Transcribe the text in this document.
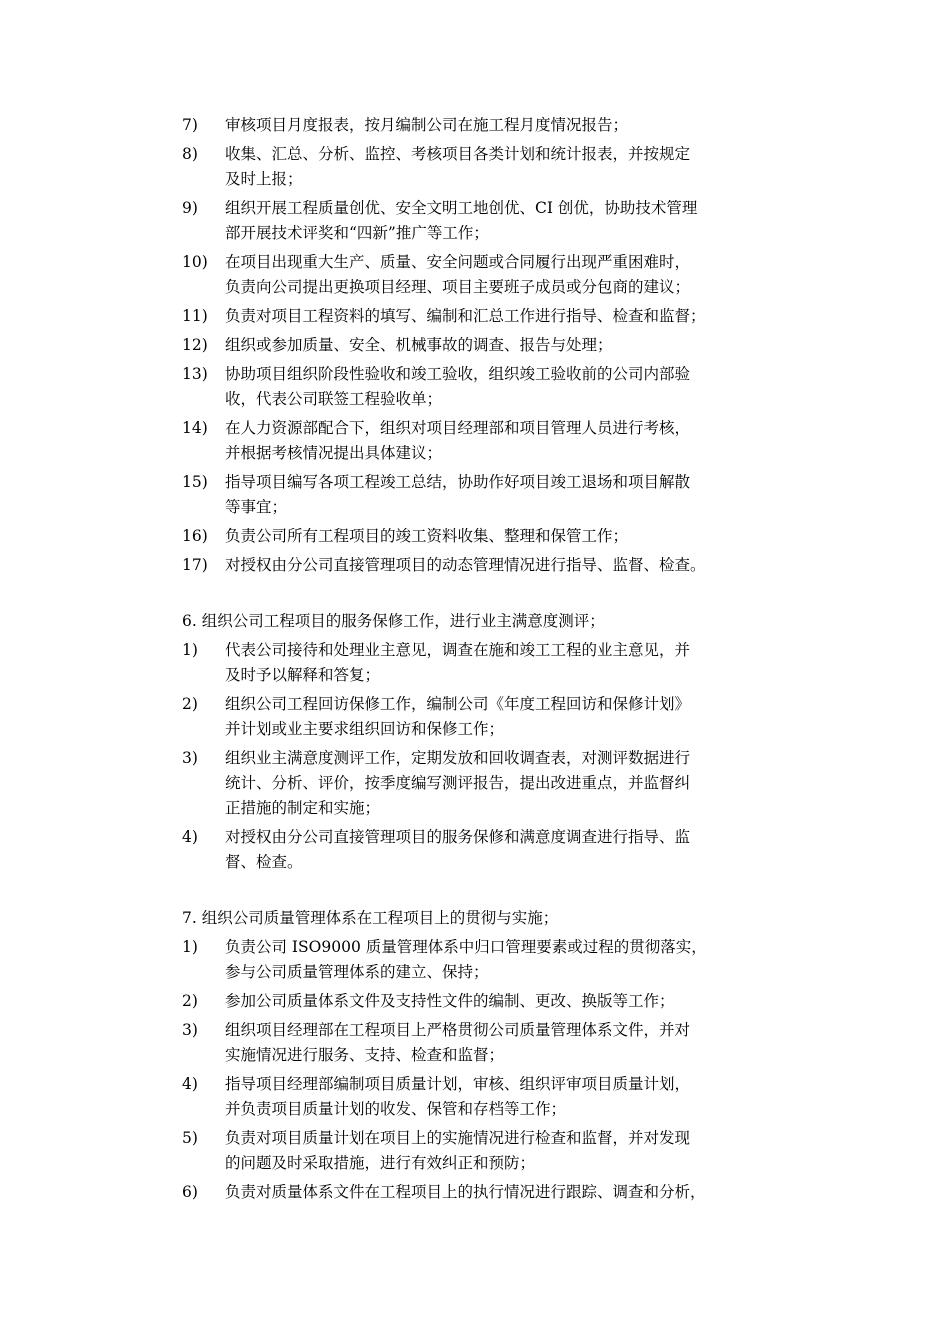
7)	审核项目月度报表，按月编制公司在施工程月度情况报告；
8)	收集、汇总、分析、监控、考核项目各类计划和统计报表，并按规定
及时上报；
9)	组织开展工程质量创优、安全文明工地创优、CI 创优，协助技术管理
部开展技术评奖和“四新”推广等工作；
10)	在项目出现重大生产、质量、安全问题或合同履行出现严重困难时，
负责向公司提出更换项目经理、项目主要班子成员或分包商的建议；
11)	负责对项目工程资料的填写、编制和汇总工作进行指导、检查和监督；
12)	组织或参加质量、安全、机械事故的调查、报告与处理；
13)	协助项目组织阶段性验收和竣工验收，组织竣工验收前的公司内部验
收，代表公司联签工程验收单；
14)	在人力资源部配合下，组织对项目经理部和项目管理人员进行考核，
并根据考核情况提出具体建议；
15)	指导项目编写各项工程竣工总结，协助作好项目竣工退场和项目解散
等事宜；
16)	负责公司所有工程项目的竣工资料收集、整理和保管工作；
17)	对授权由分公司直接管理项目的动态管理情况进行指导、监督、检查。
6. 组织公司工程项目的服务保修工作，进行业主满意度测评；
1)	代表公司接待和处理业主意见，调查在施和竣工工程的业主意见，并
及时予以解释和答复；
2)	组织公司工程回访保修工作，编制公司《年度工程回访和保修计划》
并计划或业主要求组织回访和保修工作；
3)	组织业主满意度测评工作，定期发放和回收调查表，对测评数据进行
统计、分析、评价，按季度编写测评报告，提出改进重点，并监督纠
正措施的制定和实施；
4)	对授权由分公司直接管理项目的服务保修和满意度调查进行指导、监
督、检查。
7. 组织公司质量管理体系在工程项目上的贯彻与实施；
1)	负责公司 ISO9000 质量管理体系中归口管理要素或过程的贯彻落实，
参与公司质量管理体系的建立、保持；
2)	参加公司质量体系文件及支持性文件的编制、更改、换版等工作；
3)	组织项目经理部在工程项目上严格贯彻公司质量管理体系文件，并对
实施情况进行服务、支持、检查和监督；
4)	指导项目经理部编制项目质量计划，审核、组织评审项目质量计划，
并负责项目质量计划的收发、保管和存档等工作；
5)	负责对项目质量计划在项目上的实施情况进行检查和监督，并对发现
的问题及时采取措施，进行有效纠正和预防；
6)	负责对质量体系文件在工程项目上的执行情况进行跟踪、调查和分析，
